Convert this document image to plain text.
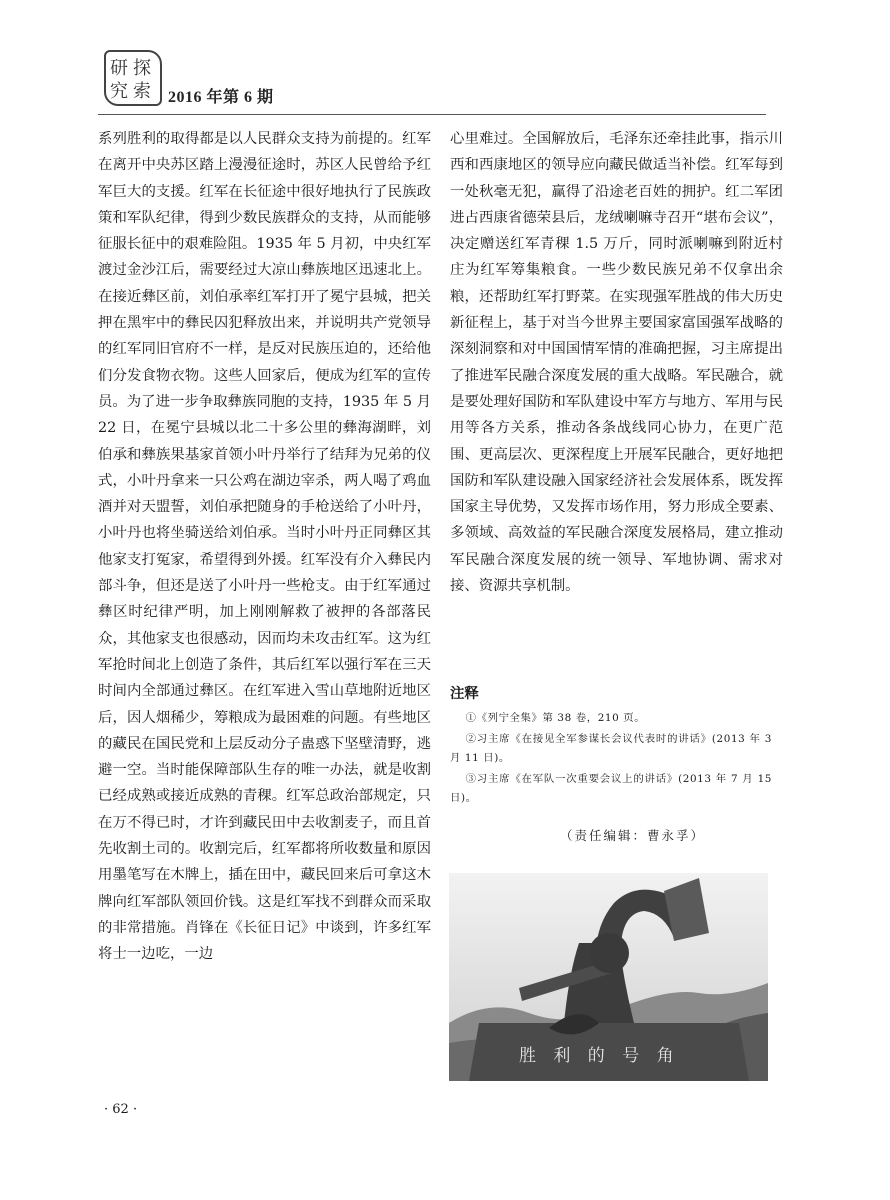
研 探
究 索 2016 年第 6 期

系列胜利的取得都是以人民群众支持为前提的。红军在离开中央苏区踏上漫漫征途时，苏区人民曾给予红军巨大的支援。红军在长征途中很好地执行了民族政策和军队纪律，得到少数民族群众的支持，从而能够征服长征中的艰难险阻。1935 年 5 月初，中央红军渡过金沙江后，需要经过大凉山彝族地区迅速北上。在接近彝区前，刘伯承率红军打开了冕宁县城，把关押在黑牢中的彝民囚犯释放出来，并说明共产党领导的红军同旧官府不一样，是反对民族压迫的，还给他们分发食物衣物。这些人回家后，便成为红军的宣传员。为了进一步争取彝族同胞的支持，1935 年 5 月 22 日，在冕宁县城以北二十多公里的彝海湖畔，刘伯承和彝族果基家首领小叶丹举行了结拜为兄弟的仪式，小叶丹拿来一只公鸡在湖边宰杀，两人喝了鸡血酒并对天盟誓，刘伯承把随身的手枪送给了小叶丹，小叶丹也将坐骑送给刘伯承。当时小叶丹正同彝区其他家支打冤家，希望得到外援。红军没有介入彝民内部斗争，但还是送了小叶丹一些枪支。由于红军通过彝区时纪律严明，加上刚刚解救了被押的各部落民众，其他家支也很感动，因而均未攻击红军。这为红军抢时间北上创造了条件，其后红军以强行军在三天时间内全部通过彝区。在红军进入雪山草地附近地区后，因人烟稀少，筹粮成为最困难的问题。有些地区的藏民在国民党和上层反动分子蛊惑下坚壁清野，逃避一空。当时能保障部队生存的唯一办法，就是收割已经成熟或接近成熟的青稞。红军总政治部规定，只在万不得已时，才许到藏民田中去收割麦子，而且首先收割土司的。收割完后，红军都将所收数量和原因用墨笔写在木牌上，插在田中，藏民回来后可拿这木牌向红军部队领回价钱。这是红军找不到群众而采取的非常措施。肖锋在《长征日记》中谈到，许多红军将士一边吃，一边

心里难过。全国解放后，毛泽东还牵挂此事，指示川西和西康地区的领导应向藏民做适当补偿。红军每到一处秋毫无犯，赢得了沿途老百姓的拥护。红二军团进占西康省德荣县后，龙绒喇嘛寺召开“堪布会议”，决定赠送红军青稞 1.5 万斤，同时派喇嘛到附近村庄为红军筹集粮食。一些少数民族兄弟不仅拿出余粮，还帮助红军打野菜。在实现强军胜战的伟大历史新征程上，基于对当今世界主要国家富国强军战略的深刻洞察和对中国国情军情的准确把握，习主席提出了推进军民融合深度发展的重大战略。军民融合，就是要处理好国防和军队建设中军方与地方、军用与民用等各方关系，推动各条战线同心协力，在更广范围、更高层次、更深程度上开展军民融合，更好地把国防和军队建设融入国家经济社会发展体系，既发挥国家主导优势，又发挥市场作用，努力形成全要素、多领域、高效益的军民融合深度发展格局，建立推动军民融合深度发展的统一领导、军地协调、需求对接、资源共享机制。

注释

①《列宁全集》第 38 卷，210 页。

②习主席《在接见全军参谋长会议代表时的讲话》(2013 年 3 月 11 日)。

③习主席《在军队一次重要会议上的讲话》(2013 年 7 月 15 日)。

（责任编辑：曹永孚）
胜 利 的 号 角
· 62 ·
